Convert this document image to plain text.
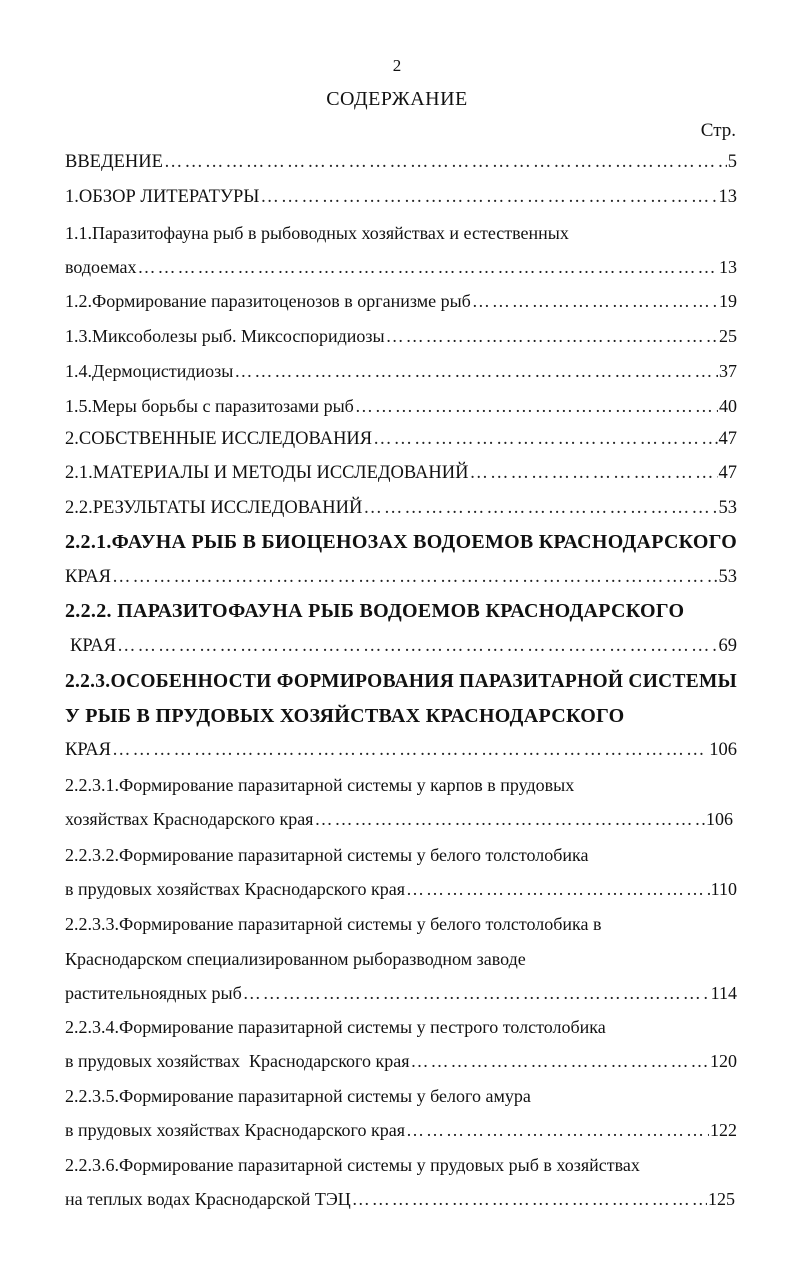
2
СОДЕРЖАНИЕ
Стр.
ВВЕДЕНИЕ …………………………………………………………………………………………………………………………………………………………………………………………………………	5
1.ОБЗОР ЛИТЕРАТУРЫ …………………………………………………………………………………………………………………………………………………………………………………………………………	13
1.1.Паразитофауна рыб в рыбоводных хозяйствах и естественных
водоемах …………………………………………………………………………………………………………………………………………………………………………………………………………	13
1.2.Формирование паразитоценозов в организме рыб …………………………………………………………………………………………………………………………………………………………………………………………………………	19
1.3.Миксоболезы рыб. Миксоспоридиозы …………………………………………………………………………………………………………………………………………………………………………………………………………	25
1.4.Дермоцистидиозы …………………………………………………………………………………………………………………………………………………………………………………………………………	37
1.5.Меры борьбы с паразитозами рыб …………………………………………………………………………………………………………………………………………………………………………………………………………	40
2.СОБСТВЕННЫЕ ИССЛЕДОВАНИЯ …………………………………………………………………………………………………………………………………………………………………………………………………………	47
2.1.МАТЕРИАЛЫ И МЕТОДЫ ИССЛЕДОВАНИЙ …………………………………………………………………………………………………………………………………………………………………………………………………………	47
2.2.РЕЗУЛЬТАТЫ ИССЛЕДОВАНИЙ …………………………………………………………………………………………………………………………………………………………………………………………………………	53
2.2.1.ФАУНА РЫБ В БИОЦЕНОЗАХ ВОДОЕМОВ КРАСНОДАРСКОГО
КРАЯ …………………………………………………………………………………………………………………………………………………………………………………………………………	53
2.2.2. ПАРАЗИТОФАУНА РЫБ ВОДОЕМОВ КРАСНОДАРСКОГО
КРАЯ …………………………………………………………………………………………………………………………………………………………………………………………………………	69
2.2.3.ОСОБЕННОСТИ ФОРМИРОВАНИЯ ПАРАЗИТАРНОЙ СИСТЕМЫ
У РЫБ В ПРУДОВЫХ ХОЗЯЙСТВАХ КРАСНОДАРСКОГО
КРАЯ …………………………………………………………………………………………………………………………………………………………………………………………………………	106
2.2.3.1.Формирование паразитарной системы у карпов в прудовых
хозяйствах Краснодарского края …………………………………………………………………………………………………………………………………………………………………………………………………………	106
2.2.3.2.Формирование паразитарной системы у белого толстолобика
в прудовых хозяйствах Краснодарского края …………………………………………………………………………………………………………………………………………………………………………………………………………	110
2.2.3.3.Формирование паразитарной системы у белого толстолобика в
Краснодарском специализированном рыборазводном заводе
растительноядных рыб …………………………………………………………………………………………………………………………………………………………………………………………………………	114
2.2.3.4.Формирование паразитарной системы у пестрого толстолобика
в прудовых хозяйствах  Краснодарского края …………………………………………………………………………………………………………………………………………………………………………………………………………	120
2.2.3.5.Формирование паразитарной системы у белого амура
в прудовых хозяйствах Краснодарского края …………………………………………………………………………………………………………………………………………………………………………………………………………	122
2.2.3.6.Формирование паразитарной системы у прудовых рыб в хозяйствах
на теплых водах Краснодарской ТЭЦ …………………………………………………………………………………………………………………………………………………………………………………………………………	125
